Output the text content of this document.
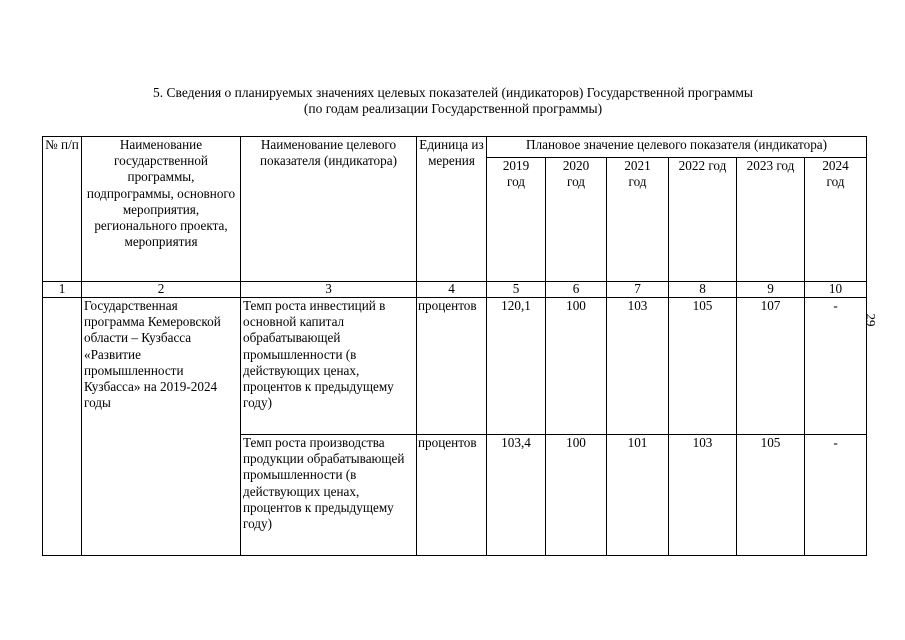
5. Сведения о планируемых значениях целевых показателей (индикаторов) Государственной программы
(по годам реализации Государственной программы)
29
№ п/п	Наименование государственной программы, подпрограммы, основного мероприятия, регионального проекта, мероприятия	Наименование целевого показателя (индикатора)	Единица измерения	Плановое значение целевого показателя (индикатора)					
				2019 год	2020 год	2021 год	2022 год	2023 год	2024 год
1	2	3	4	5	6	7	8	9	10
	Государственная программа Кемеровской области – Кузбасса «Развитие промышленности Кузбасса» на 2019-2024 годы	Темп роста инвестиций в основной капитал обрабатывающей промышленности (в действующих ценах, процентов к предыдущему году)	процентов	120,1	100	103	105	107	-
		Темп роста производства продукции обрабатывающей промышленности (в действующих ценах, процентов к предыдущему году)	процентов	103,4	100	101	103	105	-
